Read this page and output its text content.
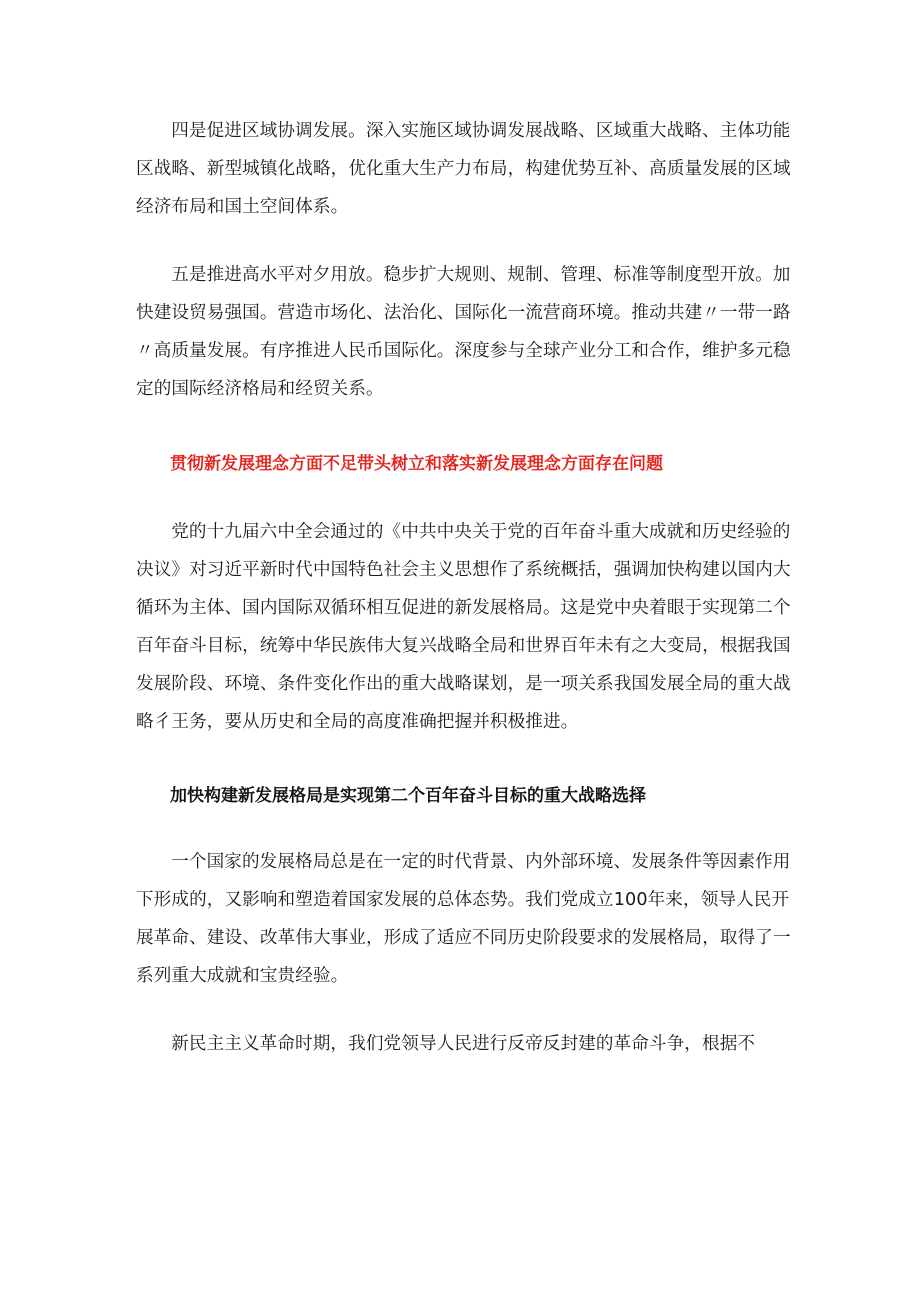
四是促进区域协调发展。深入实施区域协调发展战略、区域重大战略、主体功能区战略、新型城镇化战略，优化重大生产力布局，构建优势互补、高质量发展的区域经济布局和国土空间体系。

五是推进高水平对夕用放。稳步扩大规则、规制、管理、标准等制度型开放。加快建设贸易强国。营造市场化、法治化、国际化一流营商环境。推动共建〃一带一路〃高质量发展。有序推进人民币国际化。深度参与全球产业分工和合作，维护多元稳定的国际经济格局和经贸关系。

贯彻新发展理念方面不足带头树立和落实新发展理念方面存在问题

党的十九届六中全会通过的《中共中央关于党的百年奋斗重大成就和历史经验的决议》对习近平新时代中国特色社会主义思想作了系统概括，强调加快构建以国内大循环为主体、国内国际双循环相互促进的新发展格局。这是党中央着眼于实现第二个百年奋斗目标，统筹中华民族伟大复兴战略全局和世界百年未有之大变局，根据我国发展阶段、环境、条件变化作出的重大战略谋划，是一项关系我国发展全局的重大战略彳王务，要从历史和全局的高度准确把握并积极推进。

加快构建新发展格局是实现第二个百年奋斗目标的重大战略选择

一个国家的发展格局总是在一定的时代背景、内外部环境、发展条件等因素作用下形成的，又影响和塑造着国家发展的总体态势。我们党成立100年来，领导人民开展革命、建设、改革伟大事业，形成了适应不同历史阶段要求的发展格局，取得了一系列重大成就和宝贵经验。

新民主主义革命时期，我们党领导人民进行反帝反封建的革命斗争，根据不
